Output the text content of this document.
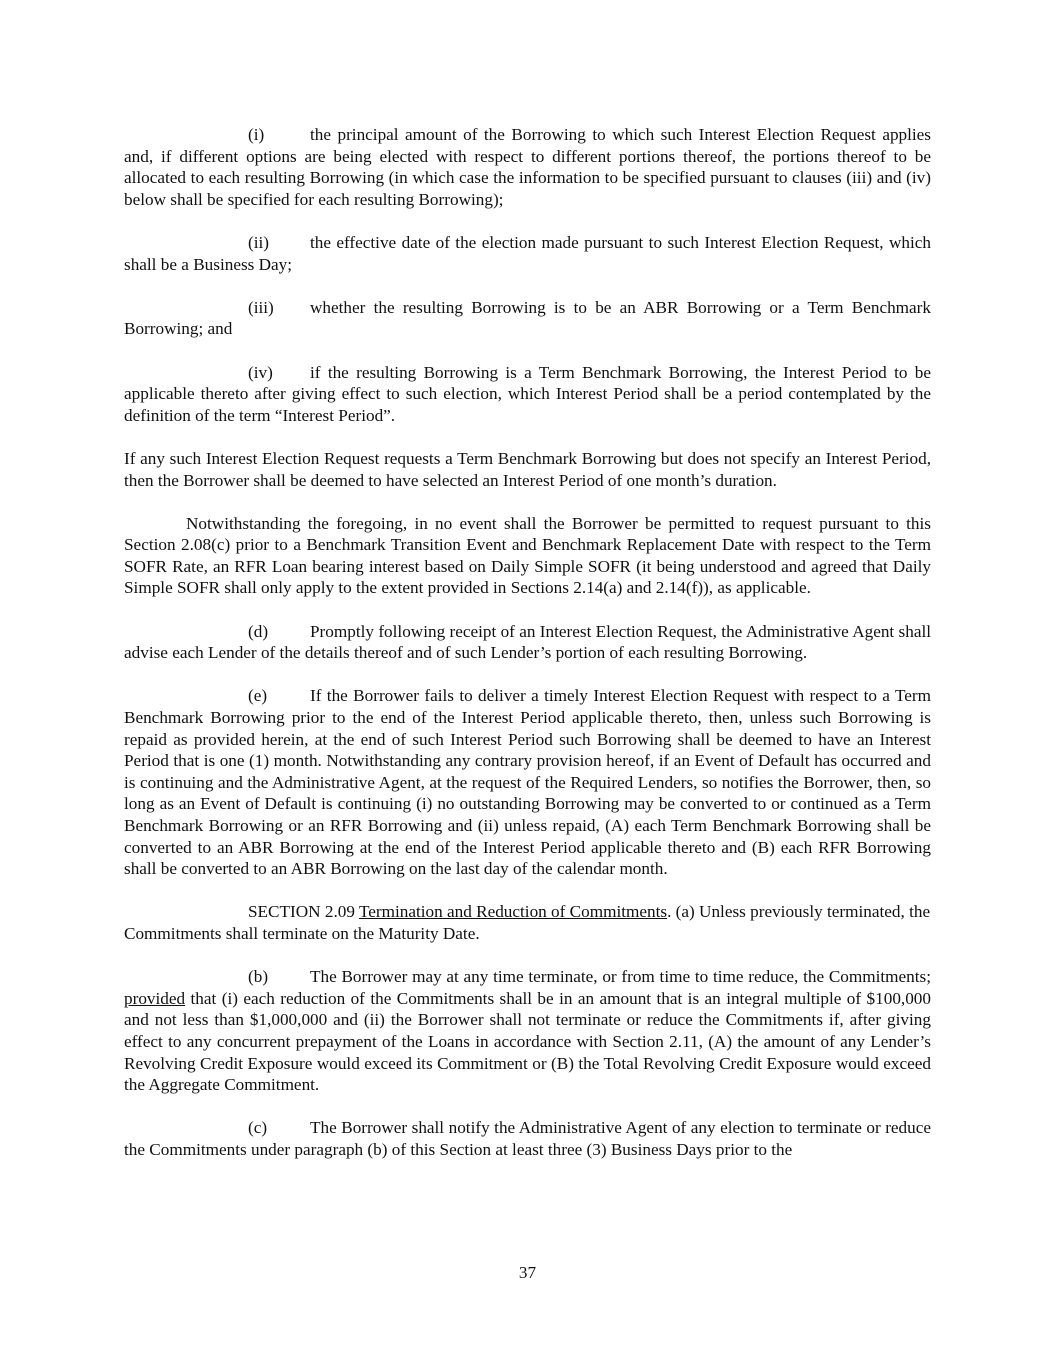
(i)	the principal amount of the Borrowing to which such Interest Election Request applies and, if different options are being elected with respect to different portions thereof, the portions thereof to be allocated to each resulting Borrowing (in which case the information to be specified pursuant to clauses (iii) and (iv) below shall be specified for each resulting Borrowing);

(ii) the effective date of the election made pursuant to such Interest Election Request, which shall be a Business Day;

(iii) whether the resulting Borrowing is to be an ABR Borrowing or a Term Benchmark Borrowing; and

(iv) if the resulting Borrowing is a Term Benchmark Borrowing, the Interest Period to be applicable thereto after giving effect to such election, which Interest Period shall be a period contemplated by the definition of the term “Interest Period”.

If any such Interest Election Request requests a Term Benchmark Borrowing but does not specify an Interest Period, then the Borrower shall be deemed to have selected an Interest Period of one month’s duration.

Notwithstanding the foregoing, in no event shall the Borrower be permitted to request pursuant to this Section 2.08(c) prior to a Benchmark Transition Event and Benchmark Replacement Date with respect to the Term SOFR Rate, an RFR Loan bearing interest based on Daily Simple SOFR (it being understood and agreed that Daily Simple SOFR shall only apply to the extent provided in Sections 2.14(a) and 2.14(f)), as applicable.

(d) Promptly following receipt of an Interest Election Request, the Administrative Agent shall advise each Lender of the details thereof and of such Lender’s portion of each resulting Borrowing.

(e) If the Borrower fails to deliver a timely Interest Election Request with respect to a Term Benchmark Borrowing prior to the end of the Interest Period applicable thereto, then, unless such Borrowing is repaid as provided herein, at the end of such Interest Period such Borrowing shall be deemed to have an Interest Period that is one (1) month. Notwithstanding any contrary provision hereof, if an Event of Default has occurred and is continuing and the Administrative Agent, at the request of the Required Lenders, so notifies the Borrower, then, so long as an Event of Default is continuing (i) no outstanding Borrowing may be converted to or continued as a Term Benchmark Borrowing or an RFR Borrowing and (ii) unless repaid, (A) each Term Benchmark Borrowing shall be converted to an ABR Borrowing at the end of the Interest Period applicable thereto and (B) each RFR Borrowing shall be converted to an ABR Borrowing on the last day of the calendar month.

SECTION 2.09 Termination and Reduction of Commitments. (a) Unless previously terminated, the Commitments shall terminate on the Maturity Date.

(b) The Borrower may at any time terminate, or from time to time reduce, the Commitments; provided that (i) each reduction of the Commitments shall be in an amount that is an integral multiple of $100,000 and not less than $1,000,000 and (ii) the Borrower shall not terminate or reduce the Commitments if, after giving effect to any concurrent prepayment of the Loans in accordance with Section 2.11, (A) the amount of any Lender’s Revolving Credit Exposure would exceed its Commitment or (B) the Total Revolving Credit Exposure would exceed the Aggregate Commitment.

(c) The Borrower shall notify the Administrative Agent of any election to terminate or reduce the Commitments under paragraph (b) of this Section at least three (3) Business Days prior to the

37
